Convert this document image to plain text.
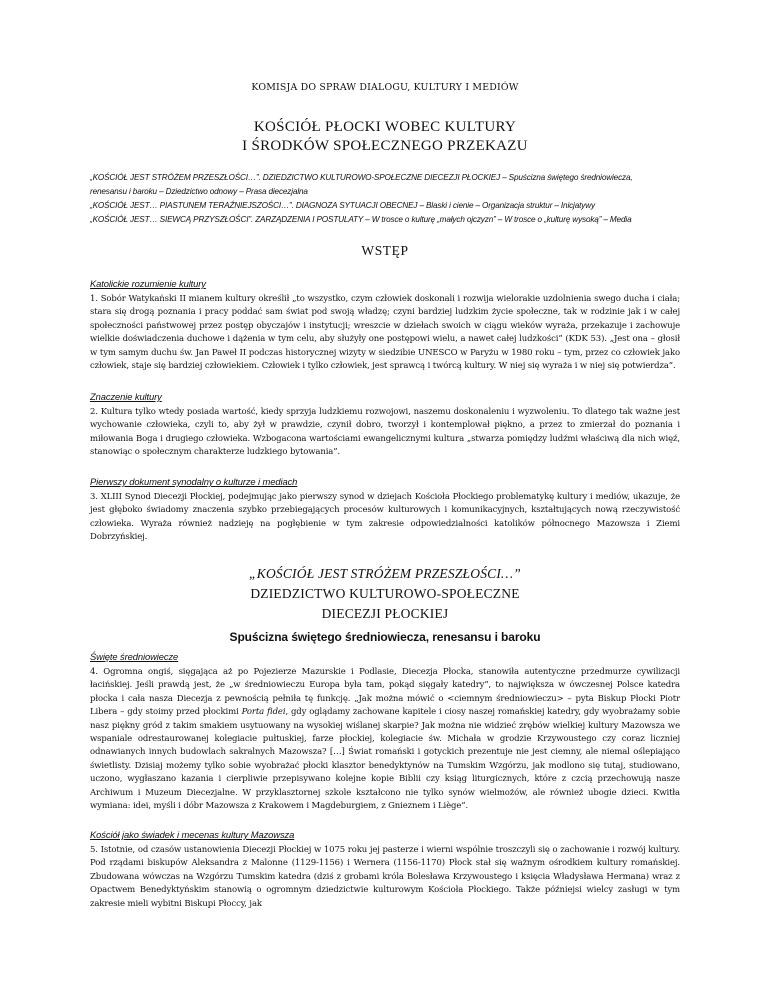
KOMISJA DO SPRAW DIALOGU, KULTURY I MEDIÓW
KOŚCIÓŁ PŁOCKI WOBEC KULTURY
I ŚRODKÓW SPOŁECZNEGO PRZEKAZU
„KOŚCIÓŁ JEST STRÓŻEM PRZESZŁOŚCI…”. DZIEDZICTWO KULTUROWO-SPOŁECZNE DIECEZJI PŁOCKIEJ – Spuścizna świętego średniowiecza,
renesansu i baroku – Dziedzictwo odnowy – Prasa diecezjalna
„KOŚCIÓŁ JEST… PIASTUNEM TERAŹNIEJSZOŚCI…”. DIAGNOZA SYTUACJI OBECNEJ – Blaski i cienie – Organizacja struktur – Inicjatywy
„KOŚCIÓŁ JEST… SIEWCĄ PRZYSZŁOŚCI”. ZARZĄDZENIA I POSTULATY – W trosce o kulturę „małych ojczyzn” – W trosce o „kulturę wysoką” – Media
WSTĘP
Katolickie rozumienie kultury
1. Sobór Watykański II mianem kultury określił „to wszystko, czym człowiek doskonali i rozwija wielorakie uzdolnienia swego ducha i ciała; stara się drogą poznania i pracy poddać sam świat pod swoją władzę; czyni bardziej ludzkim życie społeczne, tak w rodzinie jak i w całej społeczności państwowej przez postęp obyczajów i instytucji; wreszcie w dziełach swoich w ciągu wieków wyraża, przekazuje i zachowuje wielkie doświadczenia duchowe i dążenia w tym celu, aby służyły one postępowi wielu, a nawet całej ludzkości” (KDK 53). „Jest ona – głosił w tym samym duchu św. Jan Paweł II podczas historycznej wizyty w siedzibie UNESCO w Paryżu w 1980 roku – tym, przez co człowiek jako człowiek, staje się bardziej człowiekiem. Człowiek i tylko człowiek, jest sprawcą i twórcą kultury. W niej się wyraża i w niej się potwierdza”.
Znaczenie kultury
2. Kultura tylko wtedy posiada wartość, kiedy sprzyja ludzkiemu rozwojowi, naszemu doskonaleniu i wyzwoleniu. To dlatego tak ważne jest wychowanie człowieka, czyli to, aby żył w prawdzie, czynił dobro, tworzył i kontemplował piękno, a przez to zmierzał do poznania i miłowania Boga i drugiego człowieka. Wzbogacona wartościami ewangelicznymi kultura „stwarza pomiędzy ludźmi właściwą dla nich więź, stanowiąc o społecznym charakterze ludzkiego bytowania”.
Pierwszy dokument synodalny o kulturze i mediach
3. XLIII Synod Diecezji Płockiej, podejmując jako pierwszy synod w dziejach Kościoła Płockiego problematykę kultury i mediów, ukazuje, że jest głęboko świadomy znaczenia szybko przebiegających procesów kulturowych i komunikacyjnych, kształtujących nową rzeczywistość człowieka. Wyraża również nadzieję na pogłębienie w tym zakresie odpowiedzialności katolików północnego Mazowsza i Ziemi Dobrzyńskiej.
„KOŚCIÓŁ JEST STRÓŻEM PRZESZŁOŚCI…”
DZIEDZICTWO KULTUROWO-SPOŁECZNE
DIECEZJI PŁOCKIEJ
Spuścizna świętego średniowiecza, renesansu i baroku
Święte średniowiecze
4. Ogromna ongiś, sięgająca aż po Pojezierze Mazurskie i Podlasie, Diecezja Płocka, stanowiła autentyczne przedmurze cywilizacji łacińskiej. Jeśli prawdą jest, że „w średniowieczu Europa była tam, pokąd sięgały katedry”, to największa w ówczesnej Polsce katedra płocka i cała nasza Diecezja z pewnością pełniła tę funkcję. „Jak można mówić o <ciemnym średniowieczu> – pyta Biskup Płocki Piotr Libera – gdy stoimy przed płockimi Porta fidei, gdy oglądamy zachowane kapitele i ciosy naszej romańskiej katedry, gdy wyobrażamy sobie nasz piękny gród z takim smakiem usytuowany na wysokiej wiślanej skarpie? Jak można nie widzieć zrębów wielkiej kultury Mazowsza we wspaniale odrestaurowanej kolegiacie pułtuskiej, farze płockiej, kolegiacie św. Michała w grodzie Krzywoustego czy coraz liczniej odnawianych innych budowlach sakralnych Mazowsza? […] Świat romański i gotyckich prezentuje nie jest ciemny, ale niemal oślepiająco świetlisty. Dzisiaj możemy tylko sobie wyobrażać płocki klasztor benedyktynów na Tumskim Wzgórzu, jak modlono się tutaj, studiowano, uczono, wygłaszano kazania i cierpliwie przepisywano kolejne kopie Biblii czy ksiąg liturgicznych, które z czcią przechowują nasze Archiwum i Muzeum Diecezjalne. W przyklasztornej szkole kształcono nie tylko synów wielmożów, ale również ubogie dzieci. Kwitła wymiana: idei, myśli i dóbr Mazowsza z Krakowem i Magdeburgiem, z Gnieznem i Liège”.
Kościół jako świadek i mecenas kultury Mazowsza
5. Istotnie, od czasów ustanowienia Diecezji Płockiej w 1075 roku jej pasterze i wierni wspólnie troszczyli się o zachowanie i rozwój kultury. Pod rządami biskupów Aleksandra z Malonne (1129-1156) i Wernera (1156-1170) Płock stał się ważnym ośrodkiem kultury romańskiej. Zbudowana wówczas na Wzgórzu Tumskim katedra (dziś z grobami króla Bolesława Krzywoustego i księcia Władysława Hermana) wraz z Opactwem Benedyktyńskim stanowią o ogromnym dziedzictwie kulturowym Kościoła Płockiego. Także późniejsi wielcy zasługi w tym zakresie mieli wybitni Biskupi Płoccy, jak
